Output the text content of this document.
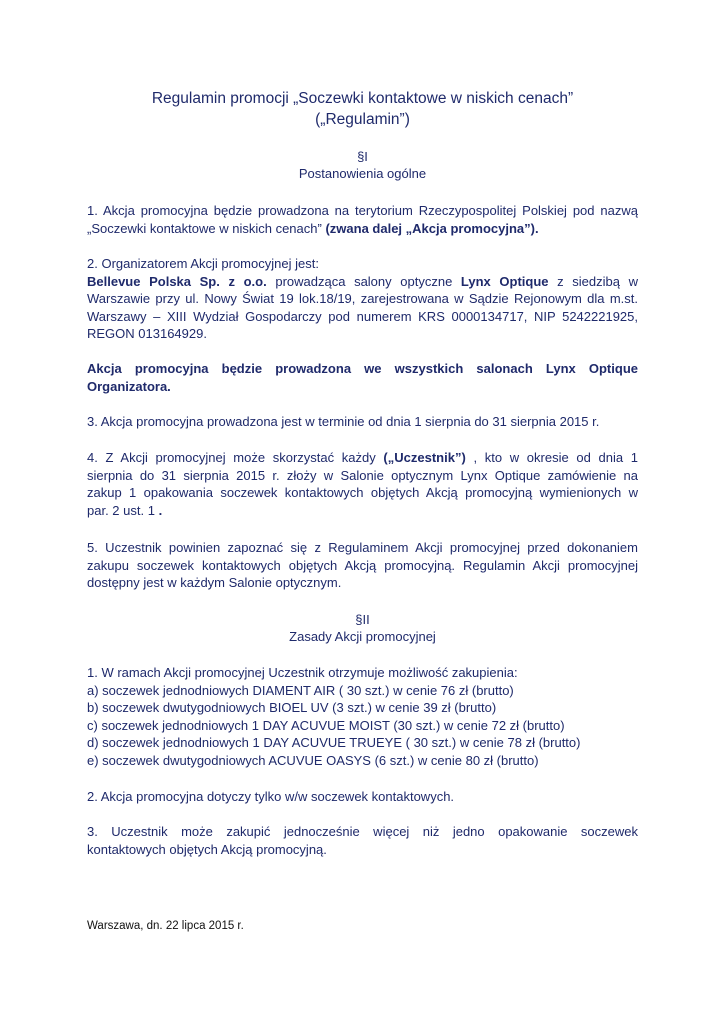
Regulamin promocji „Soczewki kontaktowe w niskich cenach”
(„Regulamin”)
§I
Postanowienia ogólne
1. Akcja promocyjna będzie prowadzona na terytorium Rzeczypospolitej Polskiej pod nazwą
„Soczewki kontaktowe w niskich cenach” (zwana dalej „Akcja promocyjna”).
2. Organizatorem Akcji promocyjnej jest:
Bellevue Polska Sp. z o.o. prowadząca salony optyczne Lynx Optique z siedzibą w
Warszawie przy ul. Nowy Świat 19 lok.18/19, zarejestrowana w Sądzie Rejonowym dla m.st.
Warszawy – XIII Wydział Gospodarczy pod numerem KRS 0000134717, NIP 5242221925,
REGON 013164929.
Akcja promocyjna będzie prowadzona we wszystkich salonach Lynx Optique
Organizatora.
3. Akcja promocyjna prowadzona jest w terminie od dnia 1 sierpnia do 31 sierpnia 2015 r.
4. Z Akcji promocyjnej może skorzystać każdy („Uczestnik”) , kto w okresie od dnia 1
sierpnia do 31 sierpnia 2015 r. złoży w Salonie optycznym Lynx Optique zamówienie na
zakup 1 opakowania soczewek kontaktowych objętych Akcją promocyjną wymienionych w
par. 2 ust. 1 .
5. Uczestnik powinien zapoznać się z Regulaminem Akcji promocyjnej przed dokonaniem
zakupu soczewek kontaktowych objętych Akcją promocyjną. Regulamin Akcji promocyjnej
dostępny jest w każdym Salonie optycznym.
§II
Zasady Akcji promocyjnej
1. W ramach Akcji promocyjnej Uczestnik otrzymuje możliwość zakupienia:
a) soczewek jednodniowych DIAMENT AIR ( 30 szt.) w cenie 76 zł (brutto)
b) soczewek dwutygodniowych BIOEL UV (3 szt.) w cenie 39 zł (brutto)
c) soczewek jednodniowych 1 DAY ACUVUE MOIST (30 szt.) w cenie 72 zł (brutto)
d) soczewek jednodniowych 1 DAY ACUVUE TRUEYE ( 30 szt.) w cenie 78 zł (brutto)
e) soczewek dwutygodniowych ACUVUE OASYS (6 szt.) w cenie 80 zł (brutto)
2. Akcja promocyjna dotyczy tylko w/w soczewek kontaktowych.
3. Uczestnik może zakupić jednocześnie więcej niż jedno opakowanie soczewek
kontaktowych objętych Akcją promocyjną.
Warszawa, dn. 22 lipca 2015 r.
